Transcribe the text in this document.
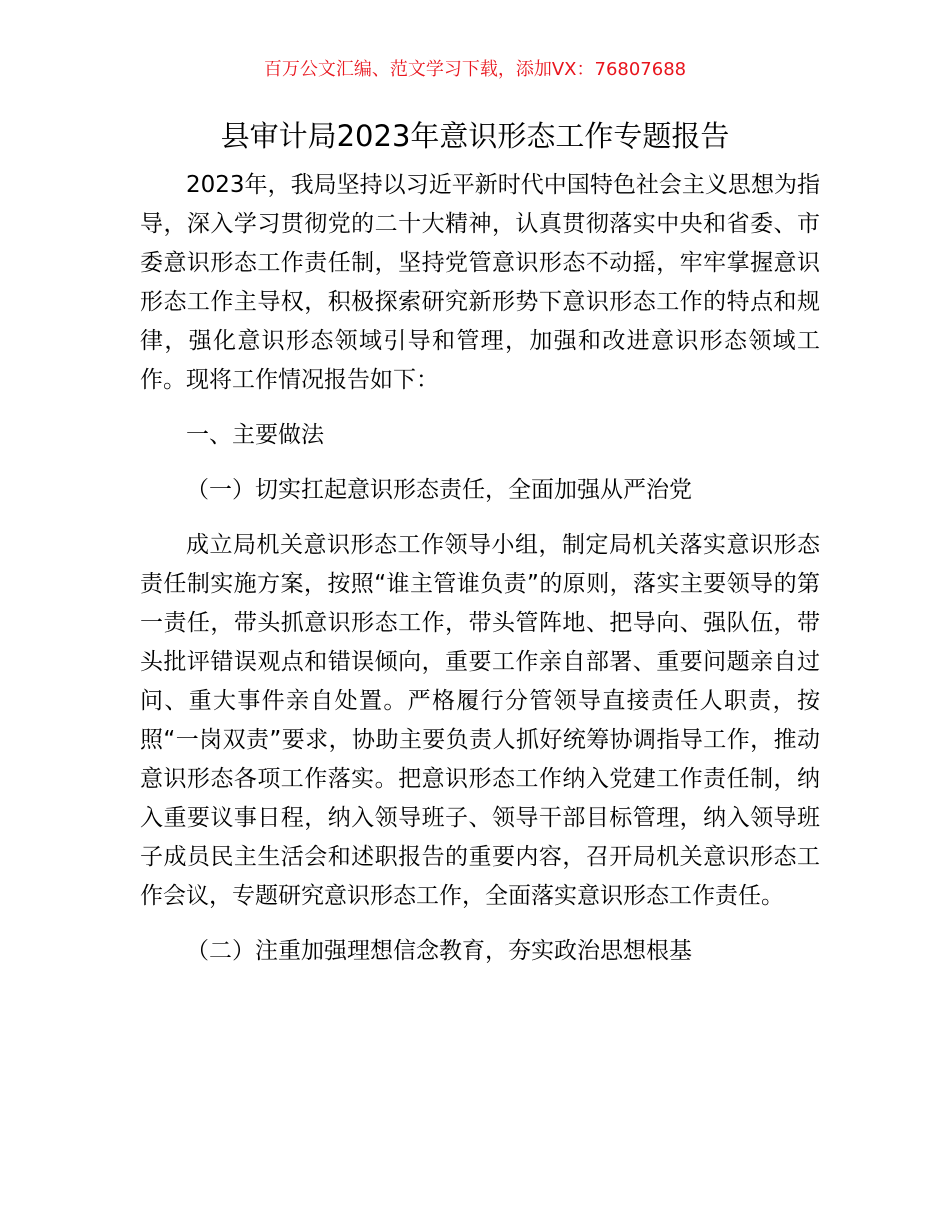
百万公文汇编、范文学习下载，添加VX：76807688
县审计局2023年意识形态工作专题报告

2023年，我局坚持以习近平新时代中国特色社会主义思想为指导，深入学习贯彻党的二十大精神，认真贯彻落实中央和省委、市委意识形态工作责任制，坚持党管意识形态不动摇，牢牢掌握意识形态工作主导权，积极探索研究新形势下意识形态工作的特点和规律，强化意识形态领域引导和管理，加强和改进意识形态领域工作。现将工作情况报告如下：

一、主要做法

（一）切实扛起意识形态责任，全面加强从严治党

成立局机关意识形态工作领导小组，制定局机关落实意识形态责任制实施方案，按照“谁主管谁负责”的原则，落实主要领导的第一责任，带头抓意识形态工作，带头管阵地、把导向、强队伍，带头批评错误观点和错误倾向，重要工作亲自部署、重要问题亲自过问、重大事件亲自处置。严格履行分管领导直接责任人职责，按照“一岗双责”要求，协助主要负责人抓好统筹协调指导工作，推动意识形态各项工作落实。把意识形态工作纳入党建工作责任制，纳入重要议事日程，纳入领导班子、领导干部目标管理，纳入领导班子成员民主生活会和述职报告的重要内容，召开局机关意识形态工作会议，专题研究意识形态工作，全面落实意识形态工作责任。

（二）注重加强理想信念教育，夯实政治思想根基
